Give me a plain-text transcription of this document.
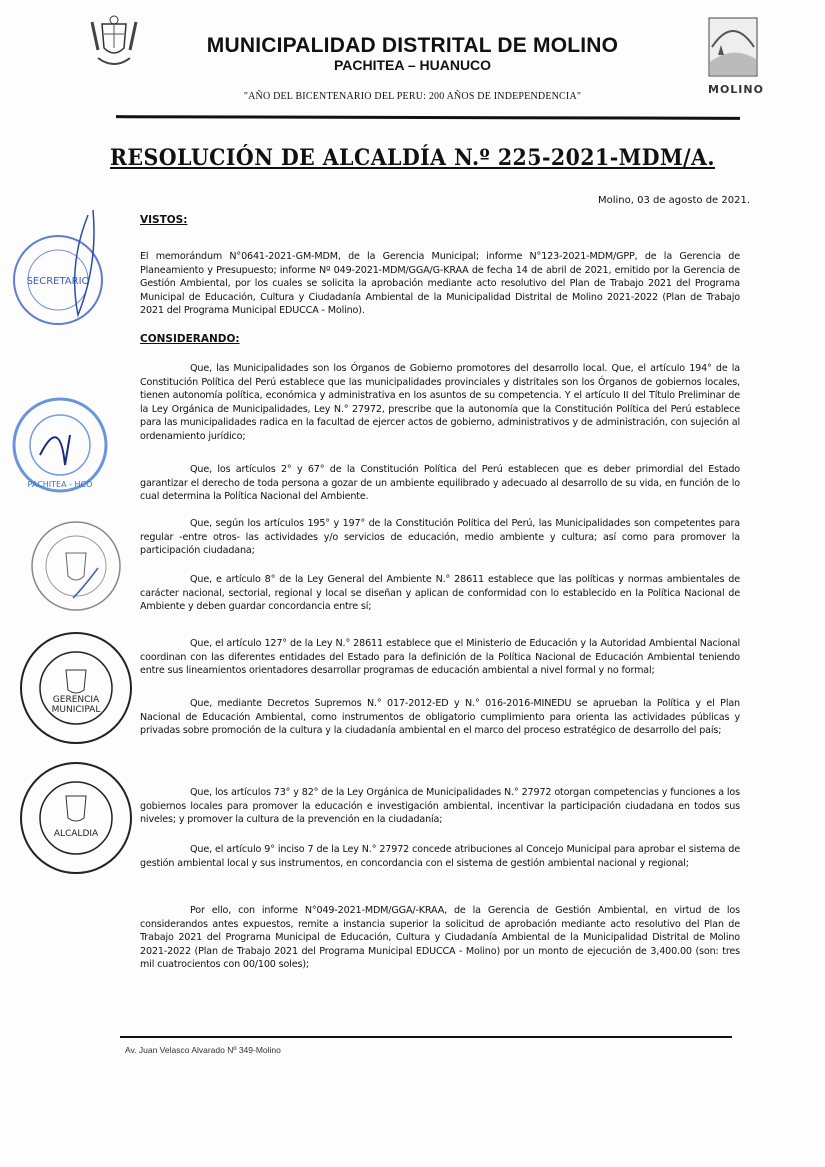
MUNICIPALIDAD DISTRITAL DE MOLINO
PACHITEA – HUANUCO
"AÑO DEL BICENTENARIO DEL PERU: 200 AÑOS DE INDEPENDENCIA"
MOLINO
RESOLUCIÓN DE ALCALDÍA N.º 225-2021-MDM/A.
Molino, 03 de agosto de 2021.
VISTOS:
El memorándum N°0641-2021-GM-MDM, de la Gerencia Municipal; informe N°123-2021-MDM/GPP, de la Gerencia de Planeamiento y Presupuesto; informe Nº 049-2021-MDM/GGA/G-KRAA de fecha 14 de abril de 2021, emitido por la Gerencia de Gestión Ambiental, por los cuales se solicita la aprobación mediante acto resolutivo del Plan de Trabajo 2021 del Programa Municipal de Educación, Cultura y Ciudadanía Ambiental de la Municipalidad Distrital de Molino 2021-2022 (Plan de Trabajo 2021 del Programa Municipal EDUCCA - Molino).
CONSIDERANDO:
Que, las Municipalidades son los Órganos de Gobierno promotores del desarrollo local. Que, el artículo 194° de la Constitución Política del Perú establece que las municipalidades provinciales y distritales son los Órganos de gobiernos locales, tienen autonomía política, económica y administrativa en los asuntos de su competencia. Y el artículo II del Título Preliminar de la Ley Orgánica de Municipalidades, Ley N.° 27972, prescribe que la autonomía que la Constitución Política del Perú establece para las municipalidades radica en la facultad de ejercer actos de gobierno, administrativos y de administración, con sujeción al ordenamiento jurídico;
Que, los artículos 2° y 67° de la Constitución Política del Perú establecen que es deber primordial del Estado garantizar el derecho de toda persona a gozar de un ambiente equilibrado y adecuado al desarrollo de su vida, en función de lo cual determina la Política Nacional del Ambiente.
Que, según los artículos 195° y 197° de la Constitución Política del Perú, las Municipalidades son competentes para regular -entre otros- las actividades y/o servicios de educación, medio ambiente y cultura; así como para promover la participación ciudadana;
Que, e artículo 8° de la Ley General del Ambiente N.° 28611 establece que las políticas y normas ambientales de carácter nacional, sectorial, regional y local se diseñan y aplican de conformidad con lo establecido en la Política Nacional de Ambiente y deben guardar concordancia entre sí;
Que, el artículo 127° de la Ley N.° 28611 establece que el Ministerio de Educación y la Autoridad Ambiental Nacional coordinan con las diferentes entidades del Estado para la definición de la Política Nacional de Educación Ambiental teniendo entre sus lineamientos orientadores desarrollar programas de educación ambiental a nivel formal y no formal;
Que, mediante Decretos Supremos N.° 017-2012-ED y N.° 016-2016-MINEDU se aprueban la Política y el Plan Nacional de Educación Ambiental, como instrumentos de obligatorio cumplimiento para orienta las actividades públicas y privadas sobre promoción de la cultura y la ciudadanía ambiental en el marco del proceso estratégico de desarrollo del país;
Que, los artículos 73° y 82° de la Ley Orgánica de Municipalidades N.° 27972 otorgan competencias y funciones a los gobiernos locales para promover la educación e investigación ambiental, incentivar la participación ciudadana en todos sus niveles; y promover la cultura de la prevención en la ciudadanía;
Que, el artículo 9° inciso 7 de la Ley N.° 27972 concede atribuciones al Concejo Municipal para aprobar el sistema de gestión ambiental local y sus instrumentos, en concordancia con el sistema de gestión ambiental nacional y regional;
Por ello, con informe N°049-2021-MDM/GGA/-KRAA, de la Gerencia de Gestión Ambiental, en virtud de los considerandos antes expuestos, remite a instancia superior la solicitud de aprobación mediante acto resolutivo del Plan de Trabajo 2021 del Programa Municipal de Educación, Cultura y Ciudadanía Ambiental de la Municipalidad Distrital de Molino 2021-2022 (Plan de Trabajo 2021 del Programa Municipal EDUCCA - Molino) por un monto de ejecución de 3,400.00 (son: tres mil cuatrocientos con 00/100 soles);
SECRETARIO
PACHITEA - HCO
GERENCIA
MUNICIPAL
ALCALDIA
Av. Juan Velasco Alvarado Nº 349-Molino
